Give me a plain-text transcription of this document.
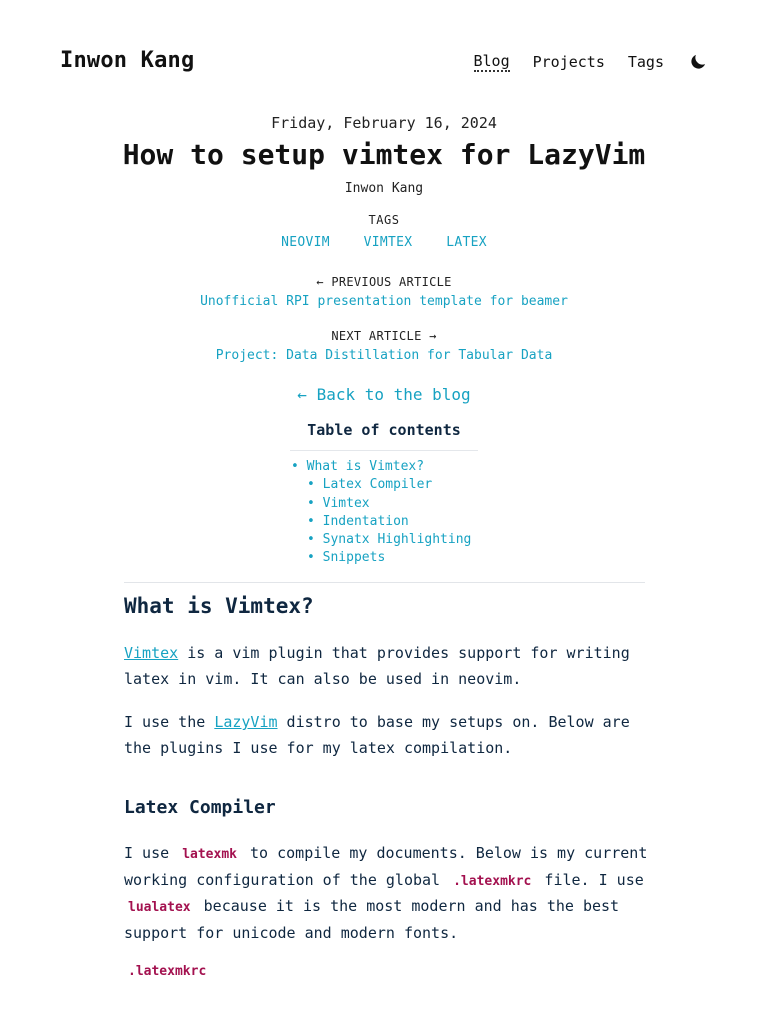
Inwon Kang	Blog Projects Tags
Friday, February 16, 2024
How to setup vimtex for LazyVim
Inwon Kang
TAGS
NEOVIM	VIMTEX	LATEX
← PREVIOUS ARTICLE
Unofficial RPI presentation template for beamer
NEXT ARTICLE →
Project: Data Distillation for Tabular Data
← Back to the blog
Table of contents
• What is Vimtex?
• Latex Compiler
• Vimtex
• Indentation
• Synatx Highlighting
• Snippets
What is Vimtex?

Vimtex is a vim plugin that provides support for writing latex in vim. It can also be used in neovim.

I use the LazyVim distro to base my setups on. Below are the plugins I use for my latex compilation.

Latex Compiler

I use latexmk to compile my documents. Below is my current working configuration of the global .latexmkrc file. I use lualatex because it is the most modern and has the best support for unicode and modern fonts.

.latexmkrc
